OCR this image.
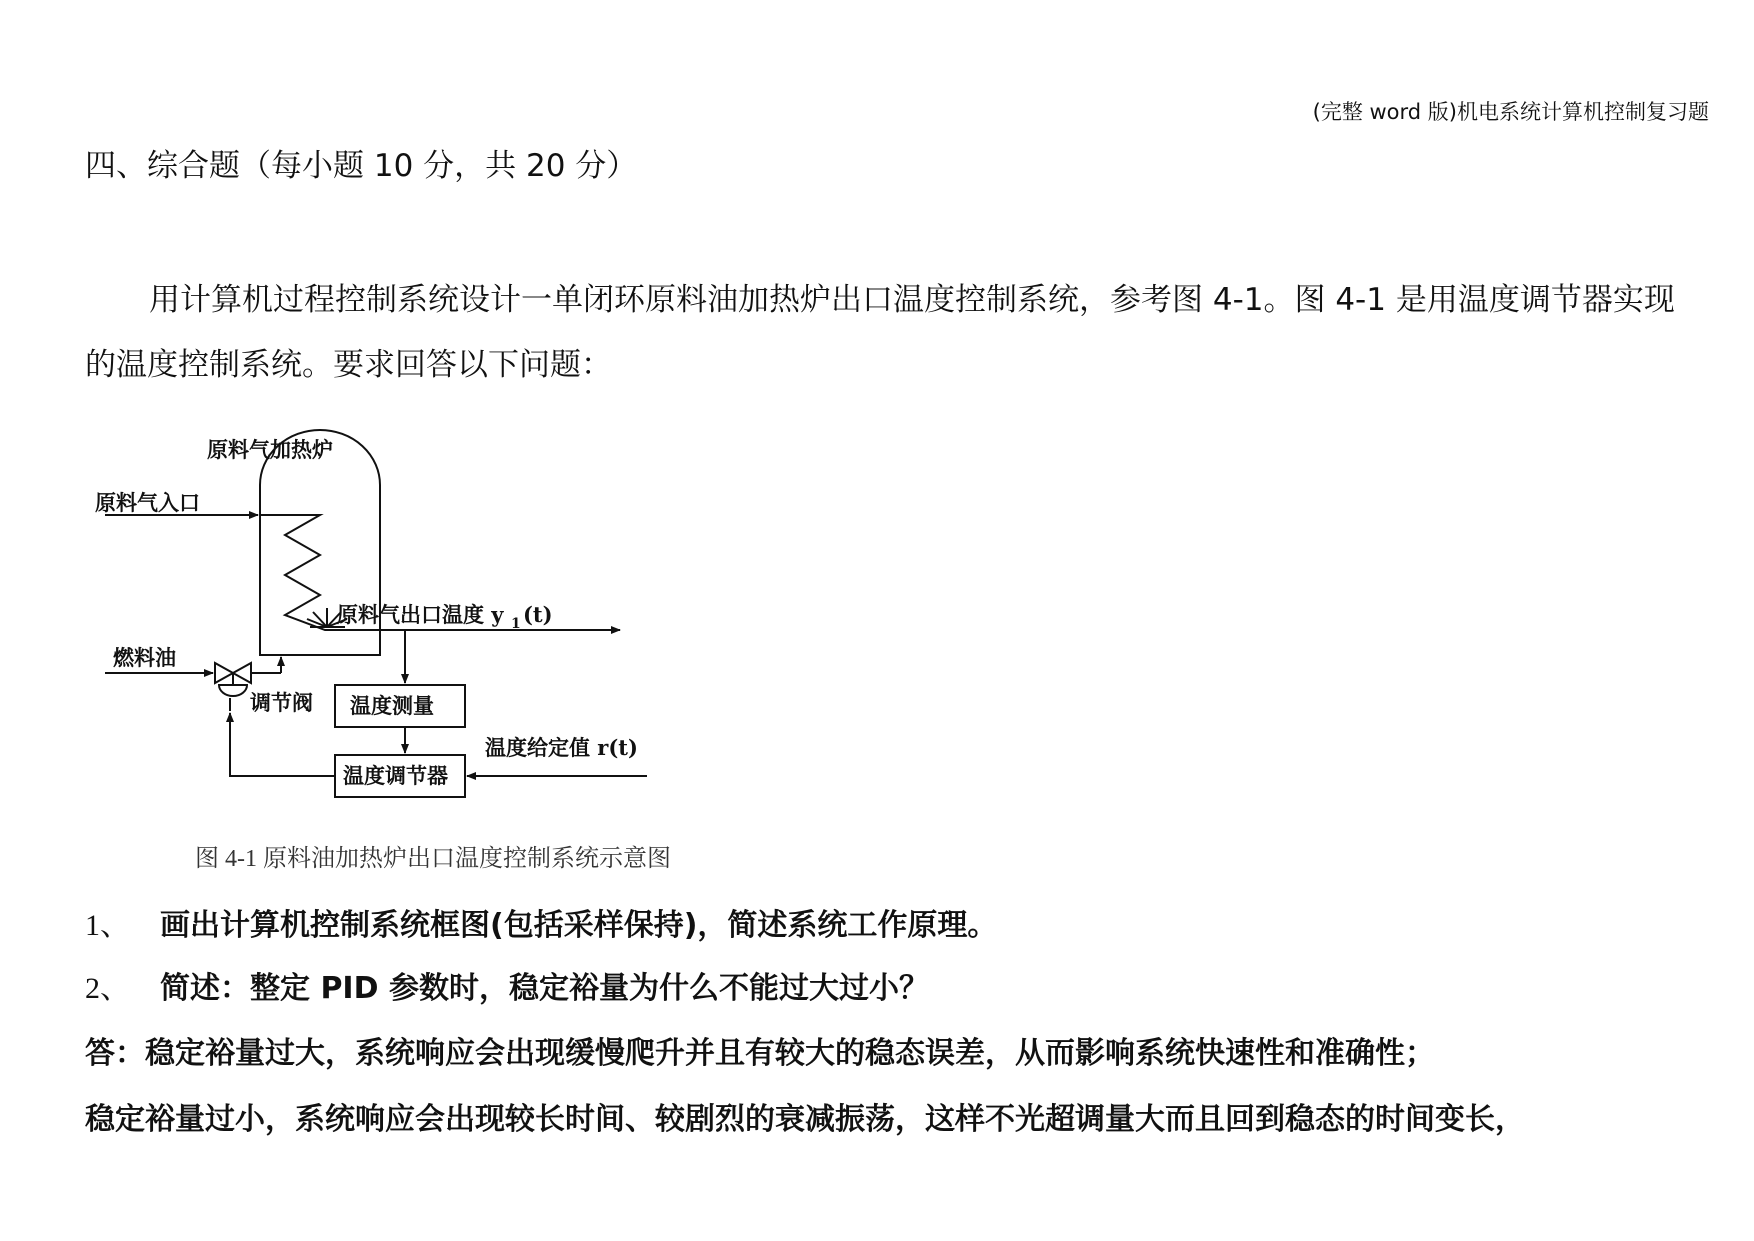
(完整 word 版)机电系统计算机控制复习题
四、综合题（每小题 10 分，共 20 分）
用计算机过程控制系统设计一单闭环原料油加热炉出口温度控制系统，参考图 4-1。图 4-1 是用温度调节器实现的温度控制系统。要求回答以下问题：
原料气加热炉
原料气入口
原料气出口温度 y 1 (t)
燃料油
调节阀 温度测量
温度给定值 r(t)
温度调节器
图 4-1 原料油加热炉出口温度控制系统示意图
1、 画出计算机控制系统框图(包括采样保持)，简述系统工作原理。
2、 简述：整定 PID 参数时，稳定裕量为什么不能过大过小？
答：稳定裕量过大，系统响应会出现缓慢爬升并且有较大的稳态误差，从而影响系统快速性和准确性；
稳定裕量过小，系统响应会出现较长时间、较剧烈的衰减振荡，这样不光超调量大而且回到稳态的时间变长，
